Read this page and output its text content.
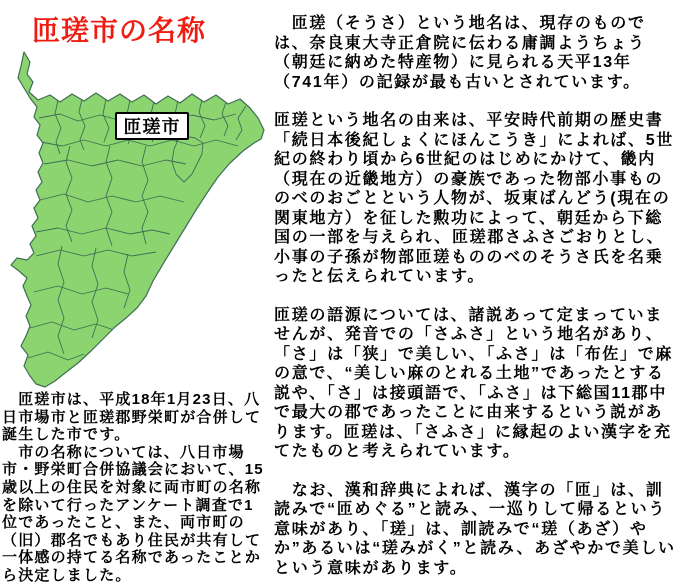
匝瑳市の名称
匝瑳市

　匝瑳市は、平成18年1月23日、八日市場市と匝瑳郡野栄町が合併して誕生した市です。

　市の名称については、八日市場市・野栄町合併協議会において、15歳以上の住民を対象に両市町の名称を除いて行ったアンケート調査で1位であったこと、また、両市町の（旧）郡名でもあり住民が共有して一体感の持てる名称であったことから決定しました。

　匝瑳（そうさ）という地名は、現存のものでは、奈良東大寺正倉院に伝わる庸調ようちょう（朝廷に納めた特産物）に見られる天平13年（741年）の記録が最も古いとされています。

匝瑳という地名の由来は、平安時代前期の歴史書「続日本後紀しょくにほんこうき」によれば、5世紀の終わり頃から6世紀のはじめにかけて、畿内（現在の近畿地方）の豪族であった物部小事もののべのおごとという人物が、坂東ばんどう(現在の関東地方）を征した勲功によって、朝廷から下総国の一部を与えられ、匝瑳郡さふさごおりとし、小事の子孫が物部匝瑳もののべのそうさ氏を名乗ったと伝えられています。

匝瑳の語源については、諸説あって定まっていませんが、発音での「さふさ」という地名があり、「さ」は「狭」で美しい、「ふさ」は「布佐」で麻の意で、“美しい麻のとれる土地”であったとする説や、「さ」は接頭語で、「ふさ」は下総国11郡中で最大の郡であったことに由来するという説があります。匝瑳は、「さふさ」に縁起のよい漢字を充てたものと考えられています。

　なお、漢和辞典によれば、漢字の「匝」は、訓読みで“匝めぐる”と読み、一巡りして帰るという意味があり、「瑳」は、訓読みで“瑳（あざ）やか”あるいは“瑳みがく”と読み、あざやかで美しいという意味があります。
